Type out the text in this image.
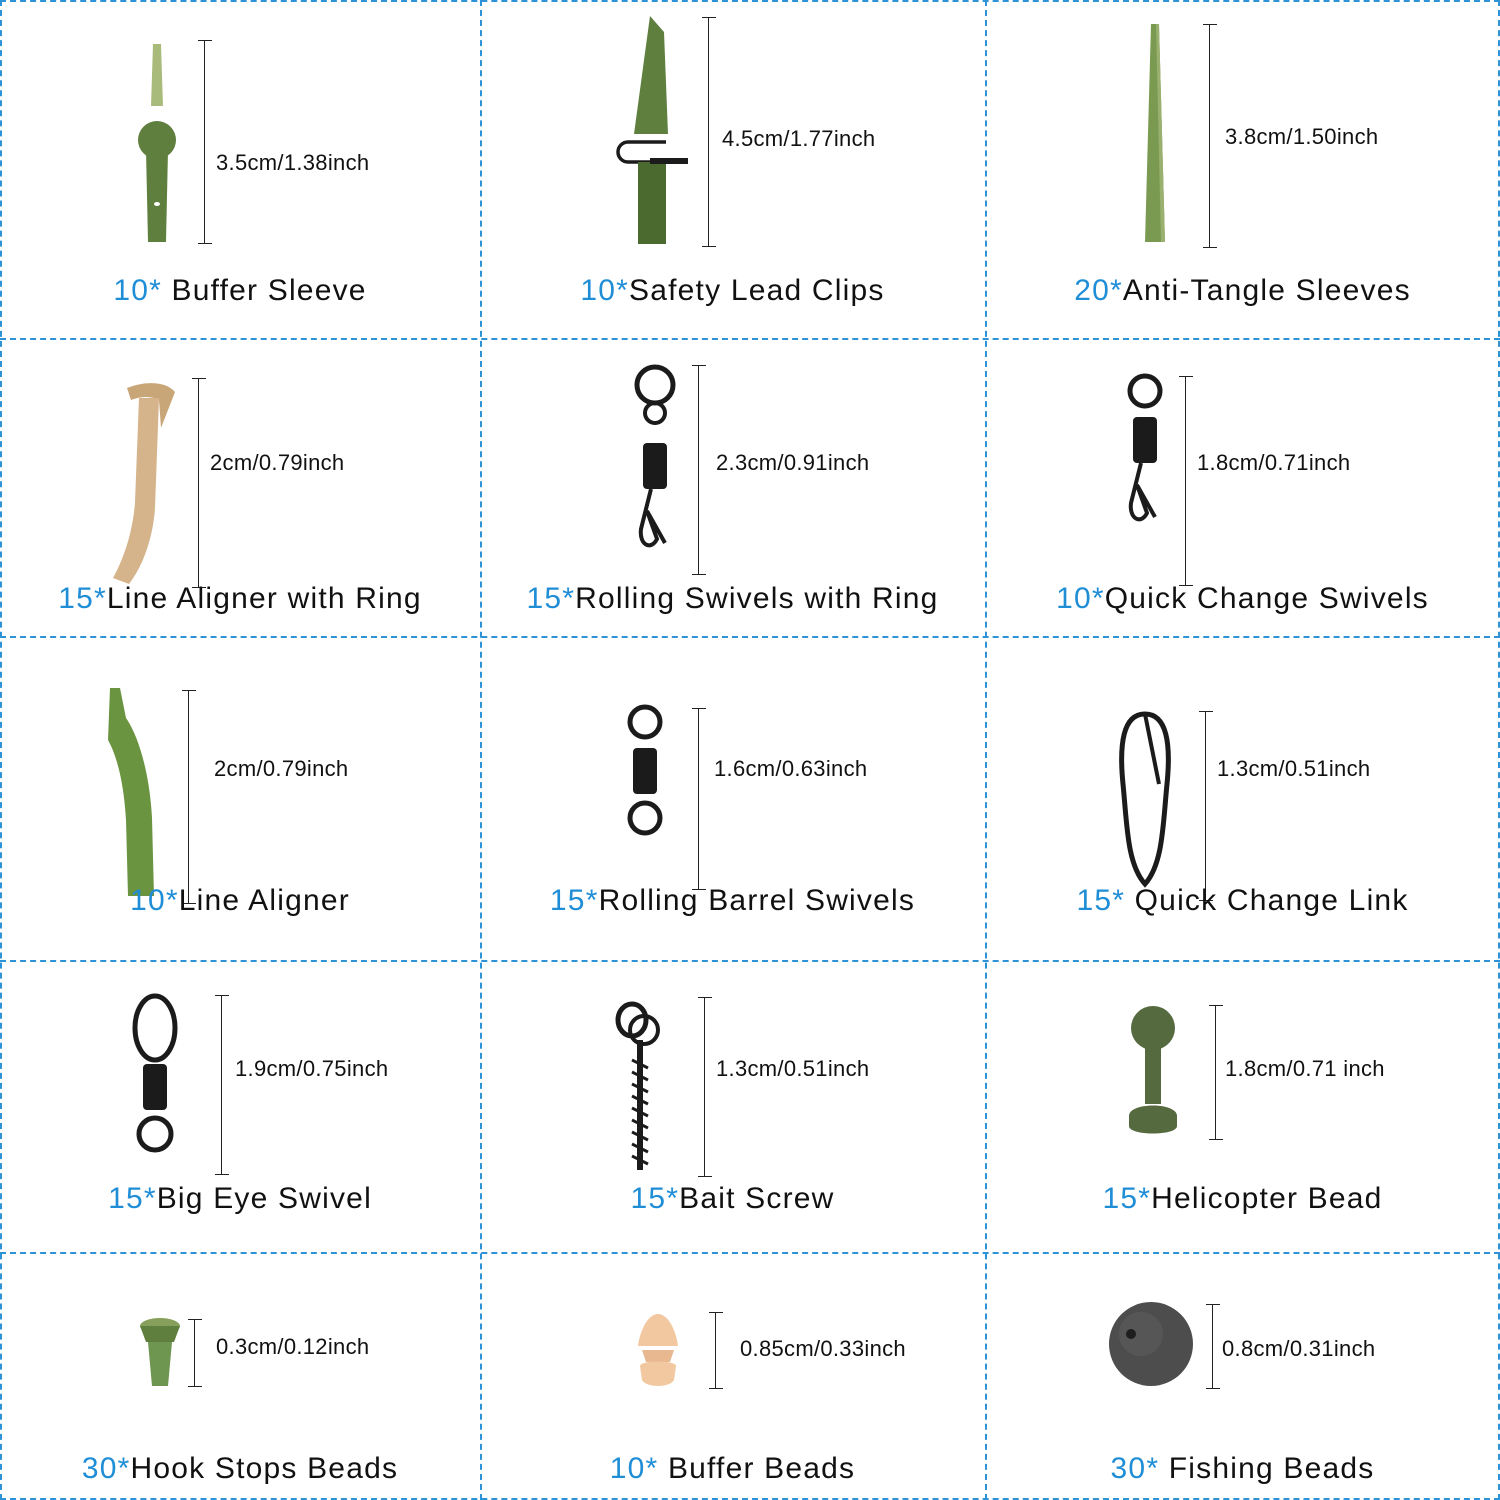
3.5cm/1.38inch
10* Buffer Sleeve
4.5cm/1.77inch
10*Safety Lead Clips
3.8cm/1.50inch
20*Anti-Tangle Sleeves
2cm/0.79inch
15*Line Aligner with Ring
2.3cm/0.91inch
15*Rolling Swivels with Ring
1.8cm/0.71inch
10*Quick Change Swivels
2cm/0.79inch
10*Line Aligner
1.6cm/0.63inch
15*Rolling Barrel Swivels
1.3cm/0.51inch
15* Quick Change Link
1.9cm/0.75inch
15*Big Eye Swivel
1.3cm/0.51inch
15*Bait Screw
1.8cm/0.71 inch
15*Helicopter Bead
0.3cm/0.12inch
30*Hook Stops Beads
0.85cm/0.33inch
10* Buffer Beads
0.8cm/0.31inch
30* Fishing Beads
